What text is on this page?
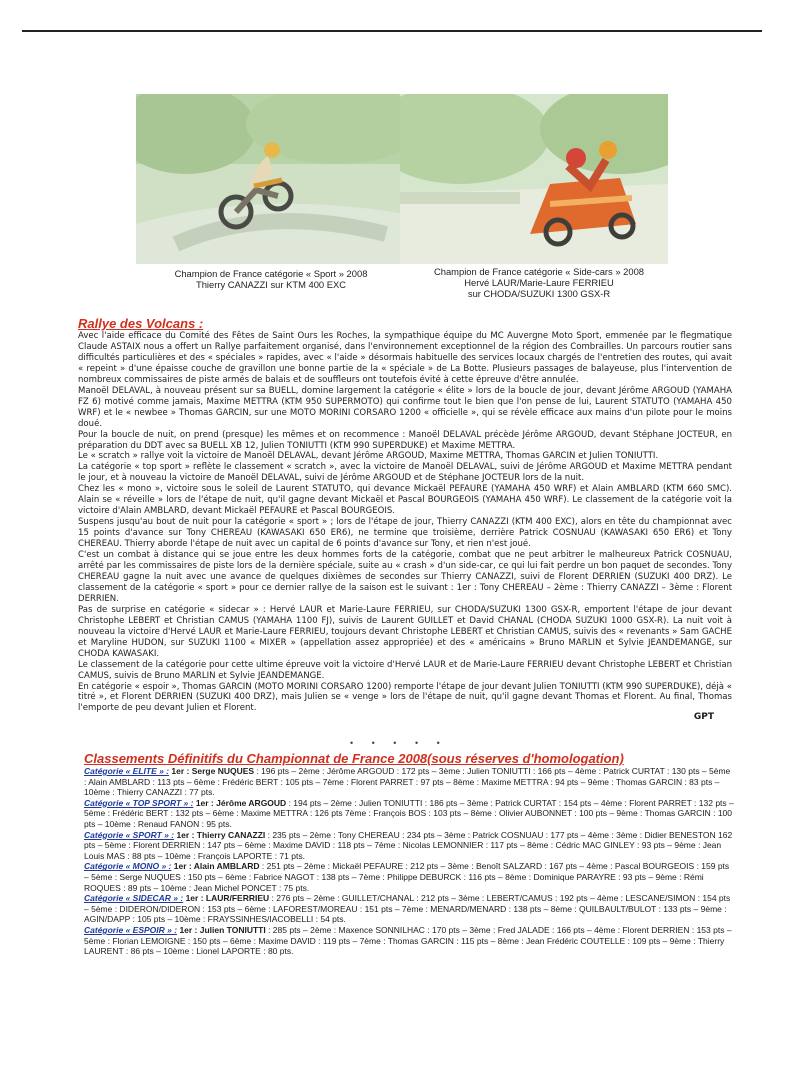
Champion de France catégorie « Sport » 2008
Thierry CANAZZI sur KTM 400 EXC
Champion de France catégorie « Side-cars » 2008
Hervé LAUR/Marie-Laure FERRIEU
sur CHODA/SUZUKI 1300 GSX-R
Rallye des Volcans :

Avec l'aide efficace du Comité des Fêtes de Saint Ours les Roches, la sympathique équipe du MC Auvergne Moto Sport, emmenée par le flegmatique Claude ASTAIX nous a offert un Rallye parfaitement organisé, dans l'environnement exceptionnel de la région des Combrailles. Un parcours routier sans difficultés particulières et des « spéciales » rapides, avec « l'aide » désormais habituelle des services locaux chargés de l'entretien des routes, qui avait « repeint » d'une épaisse couche de gravillon une bonne partie de la « spéciale » de La Botte. Plusieurs passages de balayeuse, plus l'intervention de nombreux commissaires de piste armés de balais et de souffleurs ont toutefois évité à cette épreuve d'être annulée.

Manoël DELAVAL, à nouveau présent sur sa BUELL, domine largement la catégorie « élite » lors de la boucle de jour, devant Jérôme ARGOUD (YAMAHA FZ 6) motivé comme jamais, Maxime METTRA (KTM 950 SUPERMOTO) qui confirme tout le bien que l'on pense de lui, Laurent STATUTO (YAMAHA 450 WRF) et le « newbee » Thomas GARCIN, sur une MOTO MORINI CORSARO 1200 « officielle », qui se révèle efficace aux mains d'un pilote pour le moins doué.

Pour la boucle de nuit, on prend (presque) les mêmes et on recommence : Manoël DELAVAL précède Jérôme ARGOUD, devant Stéphane JOCTEUR, en préparation du DDT avec sa BUELL XB 12, Julien TONIUTTI (KTM 990 SUPERDUKE) et Maxime METTRA.

Le « scratch » rallye voit la victoire de Manoël DELAVAL, devant Jérôme ARGOUD, Maxime METTRA, Thomas GARCIN et Julien TONIUTTI.

La catégorie « top sport » reflète le classement « scratch », avec la victoire de Manoël DELAVAL, suivi de Jérôme ARGOUD et Maxime METTRA pendant le jour, et à nouveau la victoire de Manoël DELAVAL, suivi de Jérôme ARGOUD et de Stéphane JOCTEUR lors de la nuit.

Chez les « mono », victoire sous le soleil de Laurent STATUTO, qui devance Mickaël PEFAURE (YAMAHA 450 WRF) et Alain AMBLARD (KTM 660 SMC). Alain se « réveille » lors de l'étape de nuit, qu'il gagne devant Mickaël et Pascal BOURGEOIS (YAMAHA 450 WRF). Le classement de la catégorie voit la victoire d'Alain AMBLARD, devant Mickaël PEFAURE et Pascal BOURGEOIS.

Suspens jusqu'au bout de nuit pour la catégorie « sport » ; lors de l'étape de jour, Thierry CANAZZI (KTM 400 EXC), alors en tête du championnat avec 15 points d'avance sur Tony CHEREAU (KAWASAKI 650 ER6), ne termine que troisième, derrière Patrick COSNUAU (KAWASAKI 650 ER6) et Tony CHEREAU. Thierry aborde l'étape de nuit avec un capital de 6 points d'avance sur Tony, et rien n'est joué.

C'est un combat à distance qui se joue entre les deux hommes forts de la catégorie, combat que ne peut arbitrer le malheureux Patrick COSNUAU, arrêté par les commissaires de piste lors de la dernière spéciale, suite au « crash » d'un side-car, ce qui lui fait perdre un bon paquet de secondes. Tony CHEREAU gagne la nuit avec une avance de quelques dixièmes de secondes sur Thierry CANAZZI, suivi de Florent DERRIEN (SUZUKI 400 DRZ). Le classement de la catégorie « sport » pour ce dernier rallye de la saison est le suivant : 1er : Tony CHEREAU – 2ème : Thierry CANAZZI – 3ème : Florent DERRIEN.

Pas de surprise en catégorie « sidecar » : Hervé LAUR et Marie-Laure FERRIEU, sur CHODA/SUZUKI 1300 GSX-R, emportent l'étape de jour devant Christophe LEBERT et Christian CAMUS (YAMAHA 1100 FJ), suivis de Laurent GUILLET et David CHANAL (CHODA SUZUKI 1000 GSX-R). La nuit voit à nouveau la victoire d'Hervé LAUR et Marie-Laure FERRIEU, toujours devant Christophe LEBERT et Christian CAMUS, suivis des « revenants » Sam GACHE et Maryline HUDON, sur SUZUKI 1100 « MIXER » (appellation assez appropriée) et des « américains » Bruno MARLIN et Sylvie JEANDEMANGE, sur CHODA KAWASAKI.

Le classement de la catégorie pour cette ultime épreuve voit la victoire d'Hervé LAUR et de Marie-Laure FERRIEU devant Christophe LEBERT et Christian CAMUS, suivis de Bruno MARLIN et Sylvie JEANDEMANGE.

En catégorie « espoir », Thomas GARCIN (MOTO MORINI CORSARO 1200) remporte l'étape de jour devant Julien TONIUTTI (KTM 990 SUPERDUKE), déjà « titré », et Florent DERRIEN (SUZUKI 400 DRZ), mais Julien se « venge » lors de l'étape de nuit, qu'il gagne devant Thomas et Florent. Au final, Thomas l'emporte de peu devant Julien et Florent.

GPT
• • • • •
Classements Définitifs du Championnat de France 2008(sous réserves d'homologation)

Catégorie « ELITE » : 1er : Serge NUQUES : 196 pts – 2ème : Jérôme ARGOUD : 172 pts – 3ème : Julien TONIUTTI : 166 pts – 4ème : Patrick CURTAT : 130 pts – 5ème : Alain AMBLARD : 113 pts – 6ème : Frédéric BERT : 105 pts – 7ème : Florent PARRET : 97 pts – 8ème : Maxime METTRA : 94 pts – 9ème : Thomas GARCIN : 83 pts – 10ème : Thierry CANAZZI : 77 pts.

Catégorie « TOP SPORT » : 1er : Jérôme ARGOUD : 194 pts – 2ème : Julien TONIUTTI : 186 pts – 3ème : Patrick CURTAT : 154 pts – 4ème : Florent PARRET : 132 pts – 5ème : Frédéric BERT : 132 pts – 6ème : Maxime METTRA : 126 pts 7ème : François BOS : 103 pts – 8ème : Olivier AUBONNET : 100 pts – 9ème : Thomas GARCIN : 100 pts – 10ème : Renaud FANON : 95 pts.

Catégorie « SPORT » : 1er : Thierry CANAZZI : 235 pts – 2ème : Tony CHEREAU : 234 pts – 3ème : Patrick COSNUAU : 177 pts – 4ème : 3ème : Didier BENESTON 162 pts – 5ème : Florent DERRIEN : 147 pts – 6ème : Maxime DAVID : 118 pts – 7ème : Nicolas LEMONNIER : 117 pts – 8ème : Cédric MAC GINLEY : 93 pts – 9ème : Jean Louis MAS : 88 pts – 10ème : François LAPORTE : 71 pts.

Catégorie « MONO » : 1er : Alain AMBLARD : 251 pts – 2ème : Mickaël PEFAURE : 212 pts – 3ème : Benoît SALZARD : 167 pts – 4ème : Pascal BOURGEOIS : 159 pts – 5ème : Serge NUQUES : 150 pts – 6ème : Fabrice NAGOT : 138 pts – 7ème : Philippe DEBURCK : 116 pts – 8ème : Dominique PARAYRE : 93 pts – 9ème : Rémi ROQUES : 89 pts – 10ème : Jean Michel PONCET : 75 pts.

Catégorie « SIDECAR » : 1er : LAUR/FERRIEU : 276 pts – 2ème : GUILLET/CHANAL : 212 pts – 3ème : LEBERT/CAMUS : 192 pts – 4ème : LESCANE/SIMON : 154 pts – 5ème : DIDERON/DIDERON : 153 pts – 6ème : LAFOREST/MOREAU : 151 pts – 7ème : MENARD/MENARD : 138 pts – 8ème : QUILBAULT/BULOT : 133 pts – 9ème : AGIN/DAPP : 105 pts – 10ème : FRAYSSINHES/IACOBELLI : 54 pts.

Catégorie « ESPOIR » : 1er : Julien TONIUTTI : 285 pts – 2ème : Maxence SONNILHAC : 170 pts – 3ème : Fred JALADE : 166 pts – 4ème : Florent DERRIEN : 153 pts – 5ème : Florian LEMOIGNE : 150 pts – 6ème : Maxime DAVID : 119 pts – 7ème : Thomas GARCIN : 115 pts – 8ème : Jean Frédéric COUTELLE : 109 pts – 9ème : Thierry LAURENT : 86 pts – 10ème : Lionel LAPORTE : 80 pts.
